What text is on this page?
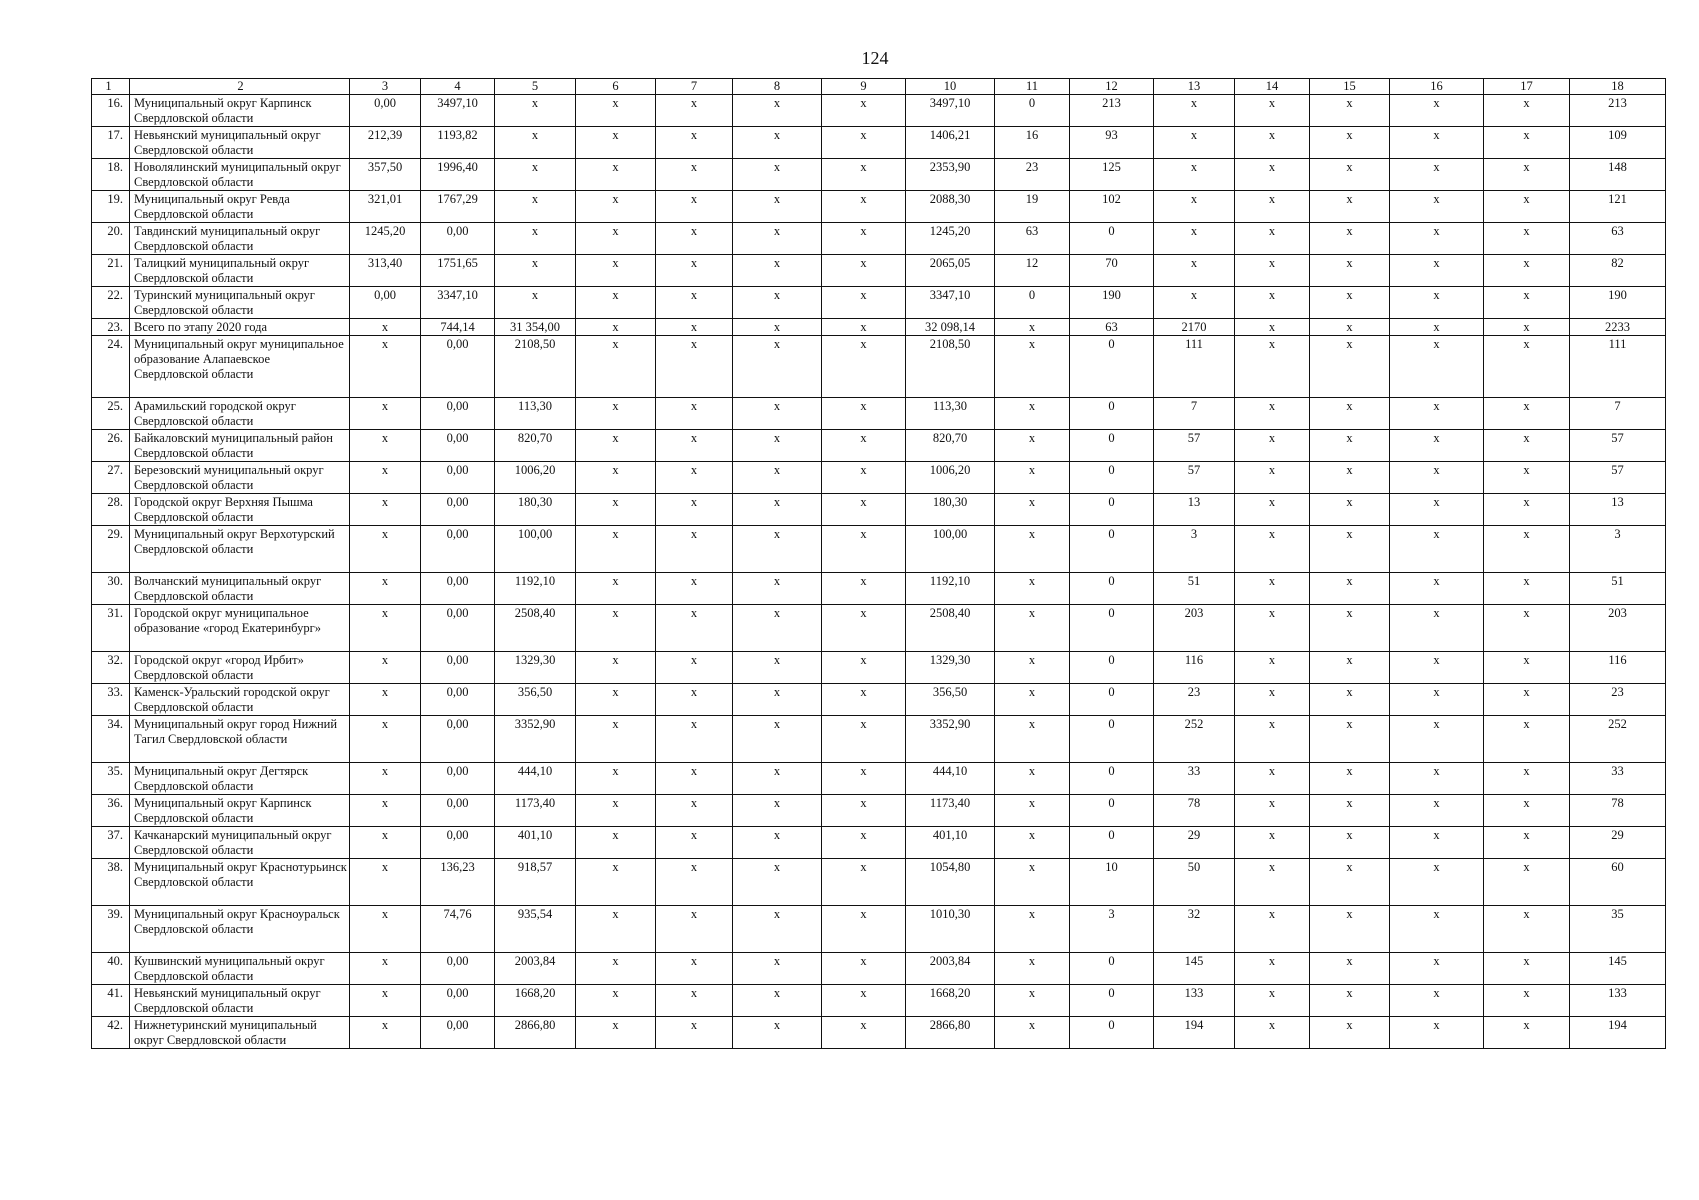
124
1	2	3	4	5	6	7	8	9	10	11	12	13	14	15	16	17	18
16.	Муниципальный округ Карпинск Свердловской области	0,00	3497,10	x	x	x	x	x	3497,10	0	213	x	x	x	x	x	213
17.	Невьянский муниципальный округ Свердловской области	212,39	1193,82	x	x	x	x	x	1406,21	16	93	x	x	x	x	x	109
18.	Новолялинский муниципальный округ Свердловской области	357,50	1996,40	x	x	x	x	x	2353,90	23	125	x	x	x	x	x	148
19.	Муниципальный округ Ревда Свердловской области	321,01	1767,29	x	x	x	x	x	2088,30	19	102	x	x	x	x	x	121
20.	Тавдинский муниципальный округ Свердловской области	1245,20	0,00	x	x	x	x	x	1245,20	63	0	x	x	x	x	x	63
21.	Талицкий муниципальный округ Свердловской области	313,40	1751,65	x	x	x	x	x	2065,05	12	70	x	x	x	x	x	82
22.	Туринский муниципальный округ Свердловской области	0,00	3347,10	x	x	x	x	x	3347,10	0	190	x	x	x	x	x	190
23.	Всего по этапу 2020 года	x	744,14	31 354,00	x	x	x	x	32 098,14	x	63	2170	x	x	x	x	2233
24.	Муниципальный округ муниципальное образование Алапаевское Свердловской области	x	0,00	2108,50	x	x	x	x	2108,50	x	0	111	x	x	x	x	111
25.	Арамильский городской округ Свердловской области	x	0,00	113,30	x	x	x	x	113,30	x	0	7	x	x	x	x	7
26.	Байкаловский муниципальный район Свердловской области	x	0,00	820,70	x	x	x	x	820,70	x	0	57	x	x	x	x	57
27.	Березовский муниципальный округ Свердловской области	x	0,00	1006,20	x	x	x	x	1006,20	x	0	57	x	x	x	x	57
28.	Городской округ Верхняя Пышма Свердловской области	x	0,00	180,30	x	x	x	x	180,30	x	0	13	x	x	x	x	13
29.	Муниципальный округ Верхотурский Свердловской области	x	0,00	100,00	x	x	x	x	100,00	x	0	3	x	x	x	x	3
30.	Волчанский муниципальный округ Свердловской области	x	0,00	1192,10	x	x	x	x	1192,10	x	0	51	x	x	x	x	51
31.	Городской округ муниципальное образование «город Екатеринбург»	x	0,00	2508,40	x	x	x	x	2508,40	x	0	203	x	x	x	x	203
32.	Городской округ «город Ирбит» Свердловской области	x	0,00	1329,30	x	x	x	x	1329,30	x	0	116	x	x	x	x	116
33.	Каменск-Уральский городской округ Свердловской области	x	0,00	356,50	x	x	x	x	356,50	x	0	23	x	x	x	x	23
34.	Муниципальный округ город Нижний Тагил Свердловской области	x	0,00	3352,90	x	x	x	x	3352,90	x	0	252	x	x	x	x	252
35.	Муниципальный округ Дегтярск Свердловской области	x	0,00	444,10	x	x	x	x	444,10	x	0	33	x	x	x	x	33
36.	Муниципальный округ Карпинск Свердловской области	x	0,00	1173,40	x	x	x	x	1173,40	x	0	78	x	x	x	x	78
37.	Качканарский муниципальный округ Свердловской области	x	0,00	401,10	x	x	x	x	401,10	x	0	29	x	x	x	x	29
38.	Муниципальный округ Краснотурьинск Свердловской области	x	136,23	918,57	x	x	x	x	1054,80	x	10	50	x	x	x	x	60
39.	Муниципальный округ Красноуральск Свердловской области	x	74,76	935,54	x	x	x	x	1010,30	x	3	32	x	x	x	x	35
40.	Кушвинский муниципальный округ Свердловской области	x	0,00	2003,84	x	x	x	x	2003,84	x	0	145	x	x	x	x	145
41.	Невьянский муниципальный округ Свердловской области	x	0,00	1668,20	x	x	x	x	1668,20	x	0	133	x	x	x	x	133
42.	Нижнетуринский муниципальный округ Свердловской области	x	0,00	2866,80	x	x	x	x	2866,80	x	0	194	x	x	x	x	194
